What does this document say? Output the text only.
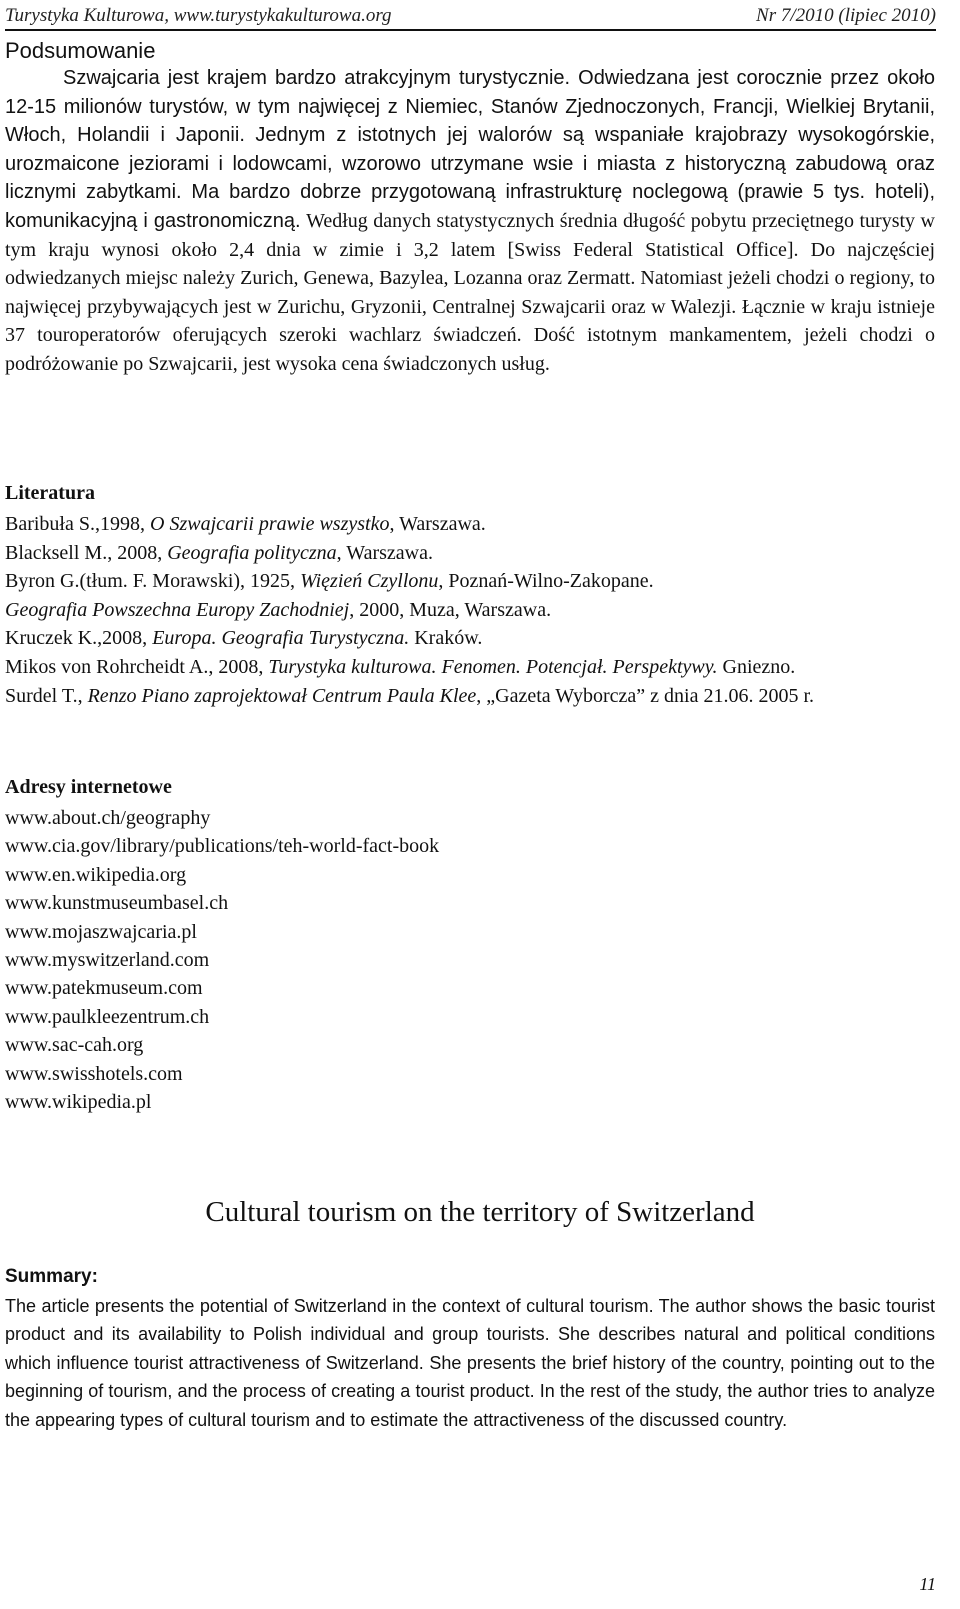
Turystyka Kulturowa, www.turystykakulturowa.org	Nr 7/2010 (lipiec 2010)
Podsumowanie

Szwajcaria jest krajem bardzo atrakcyjnym turystycznie. Odwiedzana jest corocznie przez około 12-15 milionów turystów, w tym najwięcej z Niemiec, Stanów Zjednoczonych, Francji, Wielkiej Brytanii, Włoch, Holandii i Japonii. Jednym z istotnych jej walorów są wspaniałe krajobrazy wysokogórskie, urozmaicone jeziorami i lodowcami, wzorowo utrzymane wsie i miasta z historyczną zabudową oraz licznymi zabytkami. Ma bardzo dobrze przygotowaną infrastrukturę noclegową (prawie 5 tys. hoteli), komunikacyjną i gastronomiczną. Według danych statystycznych średnia długość pobytu przeciętnego turysty w tym kraju wynosi około 2,4 dnia w zimie i 3,2 latem [Swiss Federal Statistical Office]. Do najczęściej odwiedzanych miejsc należy Zurich, Genewa, Bazylea, Lozanna oraz Zermatt. Natomiast jeżeli chodzi o regiony, to najwięcej przybywających jest w Zurichu, Gryzonii, Centralnej Szwajcarii oraz w Walezji. Łącznie w kraju istnieje 37 touroperatorów oferujących szeroki wachlarz świadczeń. Dość istotnym mankamentem, jeżeli chodzi o podróżowanie po Szwajcarii, jest wysoka cena świadczonych usług.

Literatura
Baribuła S.,1998, O Szwajcarii prawie wszystko, Warszawa.
Blacksell M., 2008, Geografia polityczna, Warszawa.
Byron G.(tłum. F. Morawski), 1925, Więzień Czyllonu, Poznań-Wilno-Zakopane.
Geografia Powszechna Europy Zachodniej, 2000, Muza, Warszawa.
Kruczek K.,2008, Europa. Geografia Turystyczna. Kraków.
Mikos von Rohrcheidt A., 2008, Turystyka kulturowa. Fenomen. Potencjał. Perspektywy. Gniezno.
Surdel T., Renzo Piano zaprojektował Centrum Paula Klee, „Gazeta Wyborcza” z dnia 21.06. 2005 r.
Adresy internetowe
www.about.ch/geography
www.cia.gov/library/publications/teh-world-fact-book
www.en.wikipedia.org
www.kunstmuseumbasel.ch
www.mojaszwajcaria.pl
www.myswitzerland.com
www.patekmuseum.com
www.paulkleezentrum.ch
www.sac-cah.org
www.swisshotels.com
www.wikipedia.pl
Cultural tourism on the territory of Switzerland
Summary:

The article presents the potential of Switzerland in the context of cultural tourism. The author shows the basic tourist product and its availability to Polish individual and group tourists. She describes natural and political conditions which influence tourist attractiveness of Switzerland. She presents the brief history of the country, pointing out to the beginning of tourism, and the process of creating a tourist product. In the rest of the study, the author tries to analyze the appearing types of cultural tourism and to estimate the attractiveness of the discussed country.

11
